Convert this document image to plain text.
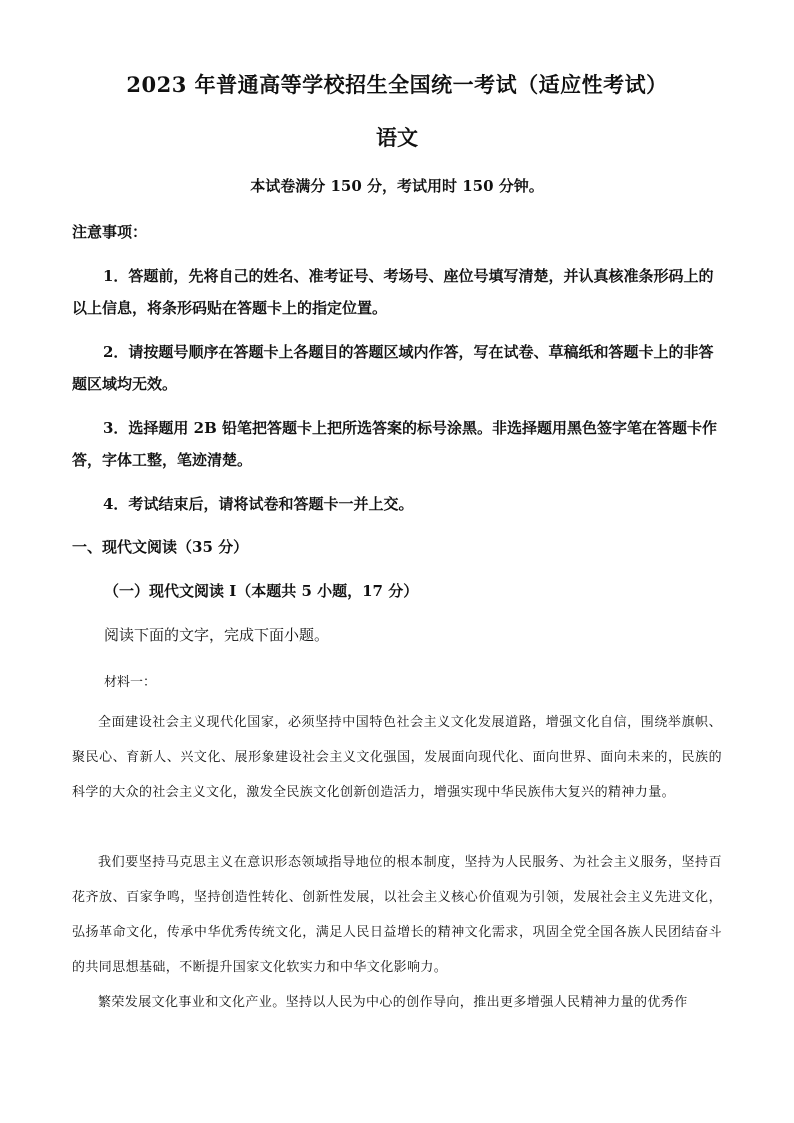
2023 年普通高等学校招生全国统一考试（适应性考试）
语文
本试卷满分 150 分，考试用时 150 分钟。
注意事项：

1．答题前，先将自己的姓名、准考证号、考场号、座位号填写清楚，并认真核准条形码上的以上信息，将条形码贴在答题卡上的指定位置。

2．请按题号顺序在答题卡上各题目的答题区域内作答，写在试卷、草稿纸和答题卡上的非答题区域均无效。

3．选择题用 2B 铅笔把答题卡上把所选答案的标号涂黑。非选择题用黑色签字笔在答题卡作答，字体工整，笔迹清楚。

4．考试结束后，请将试卷和答题卡一并上交。

一、现代文阅读（35 分）
（一）现代文阅读 I（本题共 5 小题，17 分）
阅读下面的文字，完成下面小题。
材料一：

全面建设社会主义现代化国家，必须坚持中国特色社会主义文化发展道路，增强文化自信，围绕举旗帜、聚民心、育新人、兴文化、展形象建设社会主义文化强国，发展面向现代化、面向世界、面向未来的，民族的科学的大众的社会主义文化，激发全民族文化创新创造活力，增强实现中华民族伟大复兴的精神力量。

我们要坚持马克思主义在意识形态领域指导地位的根本制度，坚持为人民服务、为社会主义服务，坚持百花齐放、百家争鸣，坚持创造性转化、创新性发展，以社会主义核心价值观为引领，发展社会主义先进文化，弘扬革命文化，传承中华优秀传统文化，满足人民日益增长的精神文化需求，巩固全党全国各族人民团结奋斗的共同思想基础，不断提升国家文化软实力和中华文化影响力。

繁荣发展文化事业和文化产业。坚持以人民为中心的创作导向，推出更多增强人民精神力量的优秀作
